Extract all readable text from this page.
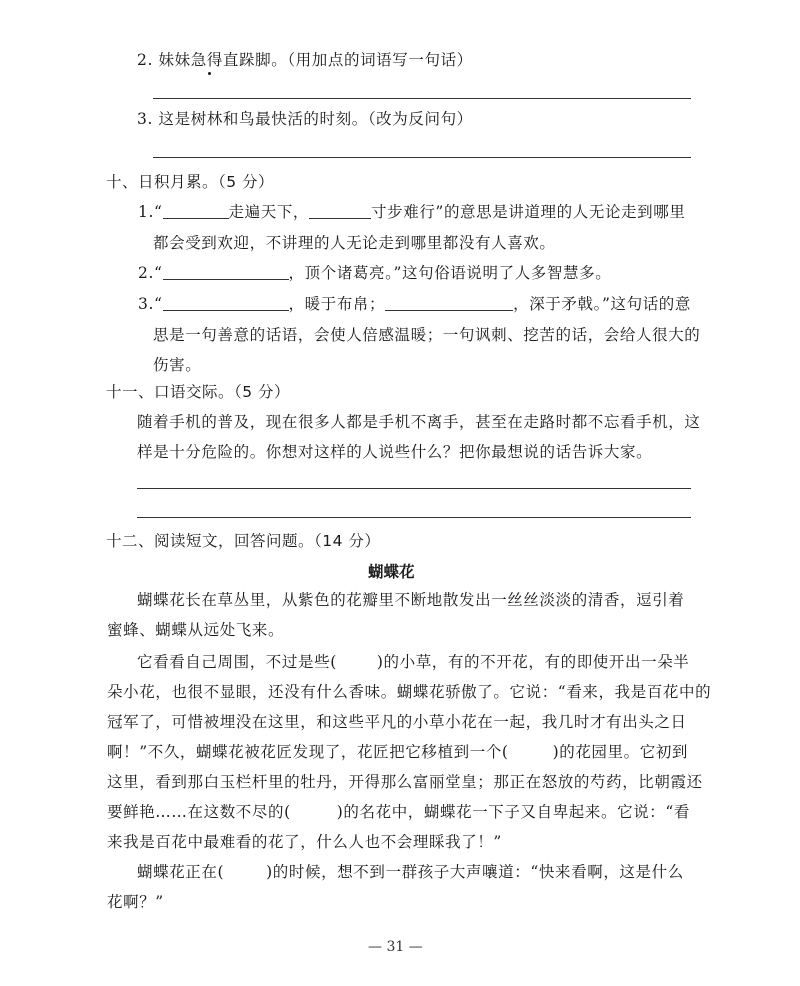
2. 妹妹急得直跺脚。（用加点的词语写一句话）
3. 这是树林和鸟最快活的时刻。（改为反问句）
十、日积月累。（5 分）
1.“	走遍天下，	寸步难行”的意思是讲道理的人无论走到哪里
都会受到欢迎，不讲理的人无论走到哪里都没有人喜欢。
2.“	，顶个诸葛亮。”这句俗语说明了人多智慧多。
3.“	，暖于布帛；	，深于矛戟。”这句话的意
思是一句善意的话语，会使人倍感温暖；一句讽刺、挖苦的话，会给人很大的
伤害。
十一、口语交际。（5 分）
随着手机的普及，现在很多人都是手机不离手，甚至在走路时都不忘看手机，这
样是十分危险的。你想对这样的人说些什么？把你最想说的话告诉大家。
十二、阅读短文，回答问题。（14 分）
蝴蝶花
蝴蝶花长在草丛里，从紫色的花瓣里不断地散发出一丝丝淡淡的清香，逗引着
蜜蜂、蝴蝶从远处飞来。
它看看自己周围，不过是些(	)的小草，有的不开花，有的即使开出一朵半
朵小花，也很不显眼，还没有什么香味。蝴蝶花骄傲了。它说：“看来，我是百花中的
冠军了，可惜被埋没在这里，和这些平凡的小草小花在一起，我几时才有出头之日
啊！”不久，蝴蝶花被花匠发现了，花匠把它移植到一个(	)的花园里。它初到
这里，看到那白玉栏杆里的牡丹，开得那么富丽堂皇；那正在怒放的芍药，比朝霞还
要鲜艳……在这数不尽的(	)的名花中，蝴蝶花一下子又自卑起来。它说：“看
来我是百花中最难看的花了，什么人也不会理睬我了！”
蝴蝶花正在(	)的时候，想不到一群孩子大声嚷道：“快来看啊，这是什么
花啊？”
— 31 —
